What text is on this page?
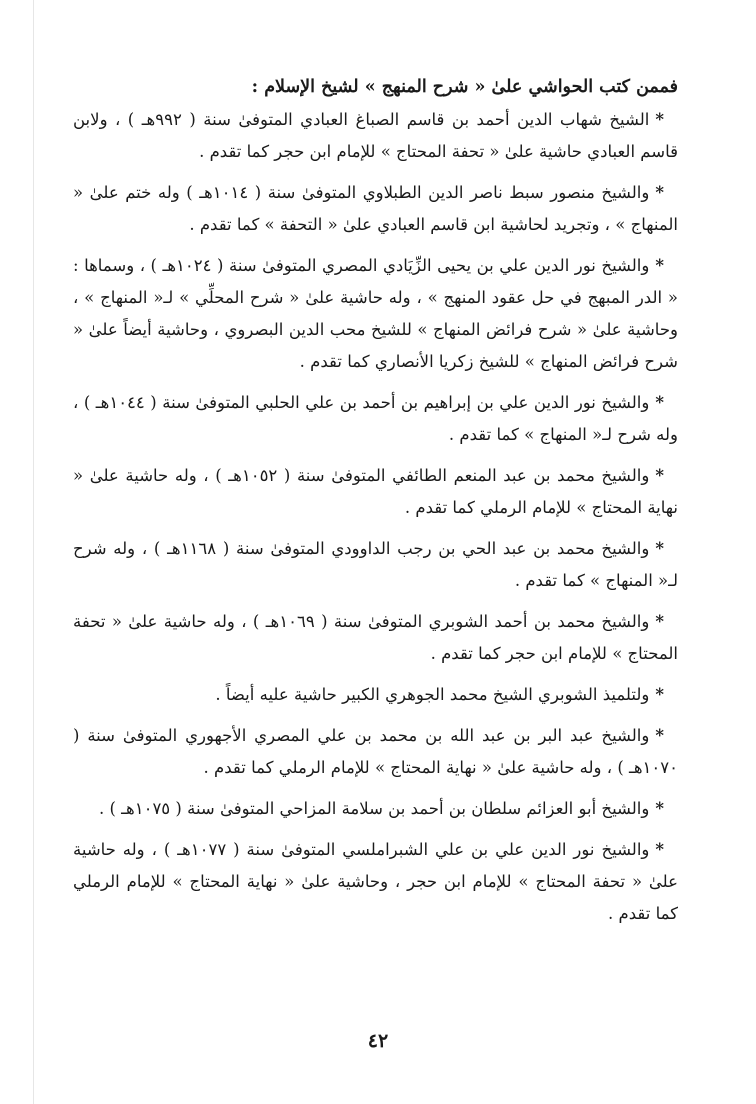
فممن كتب الحواشي علىٰ « شرح المنهج » لشيخ الإسلام :

*الشيخ شهاب الدين أحمد بن قاسم الصباغ العبادي المتوفىٰ سنة ( ٩٩٢هـ ) ، ولابن قاسم العبادي حاشية علىٰ « تحفة المحتاج » للإمام ابن حجر كما تقدم .

*والشيخ منصور سبط ناصر الدين الطبلاوي المتوفىٰ سنة ( ١٠١٤هـ ) وله ختم علىٰ « المنهاج » ، وتجريد لحاشية ابن قاسم العبادي علىٰ « التحفة » كما تقدم .

*والشيخ نور الدين علي بن يحيى الزِّيَادي المصري المتوفىٰ سنة ( ١٠٢٤هـ ) ، وسماها : « الدر المبهج في حل عقود المنهج » ، وله حاشية علىٰ « شرح المحلِّي » لـ« المنهاج » ، وحاشية علىٰ « شرح فرائض المنهاج » للشيخ محب الدين البصروي ، وحاشية أيضاً علىٰ « شرح فرائض المنهاج » للشيخ زكريا الأنصاري كما تقدم .

*والشيخ نور الدين علي بن إبراهيم بن أحمد بن علي الحلبي المتوفىٰ سنة ( ١٠٤٤هـ ) ، وله شرح لـ« المنهاج » كما تقدم .

*والشيخ محمد بن عبد المنعم الطائفي المتوفىٰ سنة ( ١٠٥٢هـ ) ، وله حاشية علىٰ « نهاية المحتاج » للإمام الرملي كما تقدم .

*والشيخ محمد بن عبد الحي بن رجب الداوودي المتوفىٰ سنة ( ١١٦٨هـ ) ، وله شرح لـ« المنهاج » كما تقدم .

*والشيخ محمد بن أحمد الشوبري المتوفىٰ سنة ( ١٠٦٩هـ ) ، وله حاشية علىٰ « تحفة المحتاج » للإمام ابن حجر كما تقدم .

*ولتلميذ الشوبري الشيخ محمد الجوهري الكبير حاشية عليه أيضاً .

*والشيخ عبد البر بن عبد الله بن محمد بن علي المصري الأجهوري المتوفىٰ سنة ( ١٠٧٠هـ ) ، وله حاشية علىٰ « نهاية المحتاج » للإمام الرملي كما تقدم .

*والشيخ أبو العزائم سلطان بن أحمد بن سلامة المزاحي المتوفىٰ سنة ( ١٠٧٥هـ ) .

*والشيخ نور الدين علي بن علي الشبراملسي المتوفىٰ سنة ( ١٠٧٧هـ ) ، وله حاشية علىٰ « تحفة المحتاج » للإمام ابن حجر ، وحاشية علىٰ « نهاية المحتاج » للإمام الرملي كما تقدم .

٤٢
